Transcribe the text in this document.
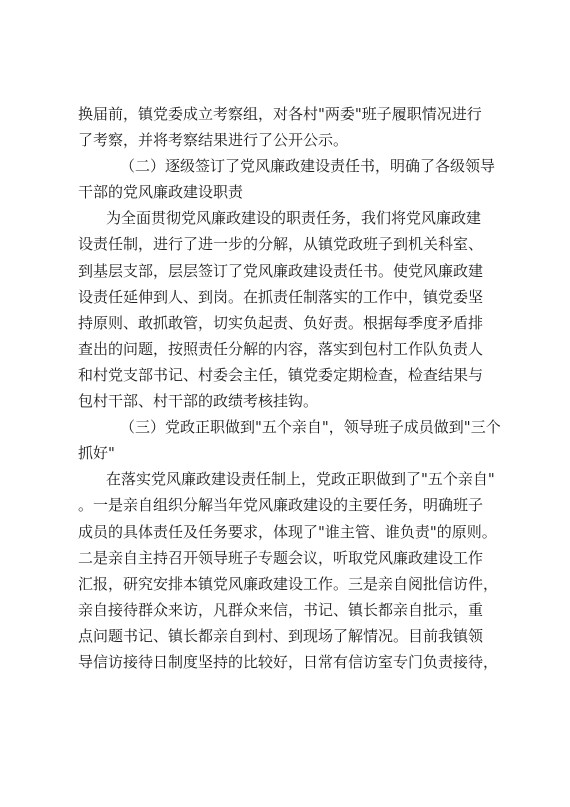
换届前，镇党委成立考察组，对各村"两委"班子履职情况进行
了考察，并将考察结果进行了公开公示。
（二）逐级签订了党风廉政建设责任书，明确了各级领导
干部的党风廉政建设职责
为全面贯彻党风廉政建设的职责任务，我们将党风廉政建
设责任制，进行了进一步的分解，从镇党政班子到机关科室、
到基层支部，层层签订了党风廉政建设责任书。使党风廉政建
设责任延伸到人、到岗。在抓责任制落实的工作中，镇党委坚
持原则、敢抓敢管，切实负起责、负好责。根据每季度矛盾排
查出的问题，按照责任分解的内容，落实到包村工作队负责人
和村党支部书记、村委会主任，镇党委定期检查，检查结果与
包村干部、村干部的政绩考核挂钩。
（三）党政正职做到"五个亲自"，领导班子成员做到"三个
抓好"
在落实党风廉政建设责任制上，党政正职做到了"五个亲自"
。一是亲自组织分解当年党风廉政建设的主要任务，明确班子
成员的具体责任及任务要求，体现了"谁主管、谁负责"的原则。
二是亲自主持召开领导班子专题会议，听取党风廉政建设工作
汇报，研究安排本镇党风廉政建设工作。三是亲自阅批信访件，
亲自接待群众来访，凡群众来信，书记、镇长都亲自批示，重
点问题书记、镇长都亲自到村、到现场了解情况。目前我镇领
导信访接待日制度坚持的比较好，日常有信访室专门负责接待，
